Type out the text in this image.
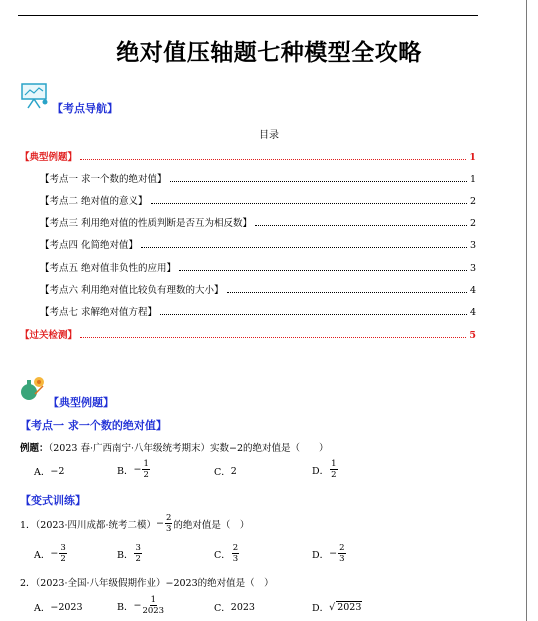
绝对值压轴题七种模型全攻略
【考点导航】
目录
【典型例题】	1
【考点一 求一个数的绝对值】	1
【考点二 绝对值的意义】	2
【考点三 利用绝对值的性质判断是否互为相反数】	2
【考点四 化简绝对值】	3
【考点五 绝对值非负性的应用】	3
【考点六 利用绝对值比较负有理数的大小】	4
【考点七 求解绝对值方程】	4
【过关检测】	5
【典型例题】
【考点一 求一个数的绝对值】
例题：（2023 春·广西南宁·八年级统考期末）实数−2的绝对值是（　　）
A． −2	B． − $\frac{1}{2}$	C． 2	D． $\frac{1}{2}$
【变式训练】
1．（2023·四川成都·统考二模） − $\frac{2}{3}$ 的绝对值是（　）
A． − $\frac{3}{2}$	B． $\frac{3}{2}$	C． $\frac{2}{3}$	D． − $\frac{2}{3}$
2．（2023·全国·八年级假期作业）−2023的绝对值是（　）
A． −2023	B． − $\frac{1}{2023}$	C． 2023	D． √ 2023
